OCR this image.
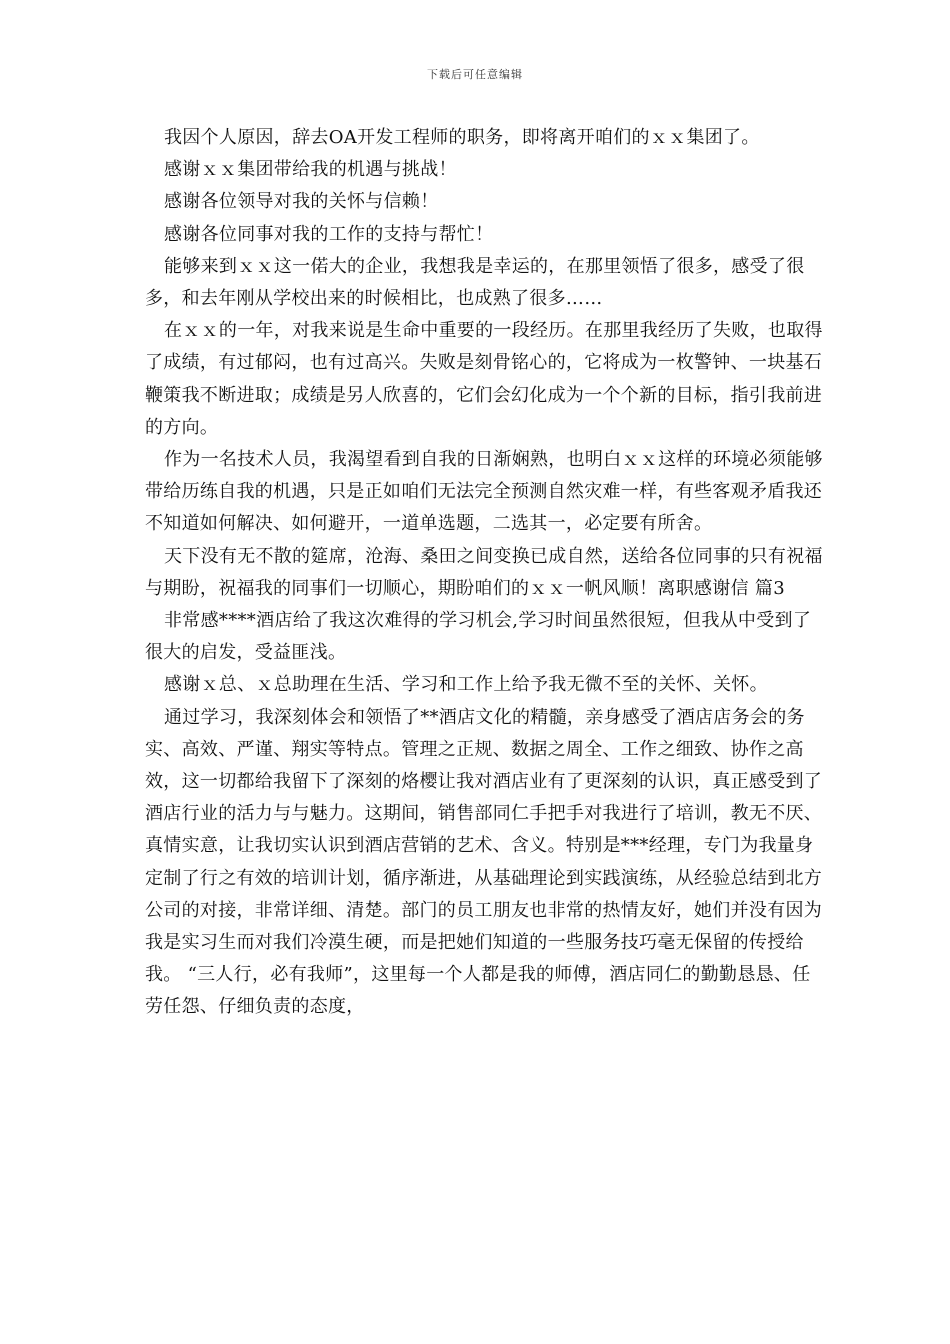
下载后可任意编辑

我因个人原因，辞去OA开发工程师的职务，即将离开咱们的ｘｘ集团了。

感谢ｘｘ集团带给我的机遇与挑战！

感谢各位领导对我的关怀与信赖！

感谢各位同事对我的工作的支持与帮忙！

能够来到ｘｘ这一偌大的企业，我想我是幸运的，在那里领悟了很多，感受了很多，和去年刚从学校出来的时候相比，也成熟了很多……

在ｘｘ的一年，对我来说是生命中重要的一段经历。在那里我经历了失败，也取得了成绩，有过郁闷，也有过高兴。失败是刻骨铭心的，它将成为一枚警钟、一块基石鞭策我不断进取；成绩是另人欣喜的，它们会幻化成为一个个新的目标，指引我前进的方向。

作为一名技术人员，我渴望看到自我的日渐娴熟，也明白ｘｘ这样的环境必须能够带给历练自我的机遇，只是正如咱们无法完全预测自然灾难一样，有些客观矛盾我还不知道如何解决、如何避开，一道单选题，二选其一，必定要有所舍。

天下没有无不散的筵席，沧海、桑田之间变换已成自然，送给各位同事的只有祝福与期盼，祝福我的同事们一切顺心，期盼咱们的ｘｘ一帆风顺！离职感谢信 篇3

非常感****酒店给了我这次难得的学习机会,学习时间虽然很短，但我从中受到了很大的启发，受益匪浅。

感谢ｘ总、ｘ总助理在生活、学习和工作上给予我无微不至的关怀、关怀。

通过学习，我深刻体会和领悟了**酒店文化的精髓，亲身感受了酒店店务会的务实、高效、严谨、翔实等特点。管理之正规、数据之周全、工作之细致、协作之高效，这一切都给我留下了深刻的烙樱让我对酒店业有了更深刻的认识，真正感受到了酒店行业的活力与与魅力。这期间，销售部同仁手把手对我进行了培训，教无不厌、真情实意，让我切实认识到酒店营销的艺术、含义。特别是***经理，专门为我量身定制了行之有效的培训计划，循序渐进，从基础理论到实践演练，从经验总结到北方公司的对接，非常详细、清楚。部门的员工朋友也非常的热情友好，她们并没有因为我是实习生而对我们冷漠生硬，而是把她们知道的一些服务技巧毫无保留的传授给我。 “三人行，必有我师”，这里每一个人都是我的师傅，酒店同仁的勤勤恳恳、任劳任怨、仔细负责的态度，
